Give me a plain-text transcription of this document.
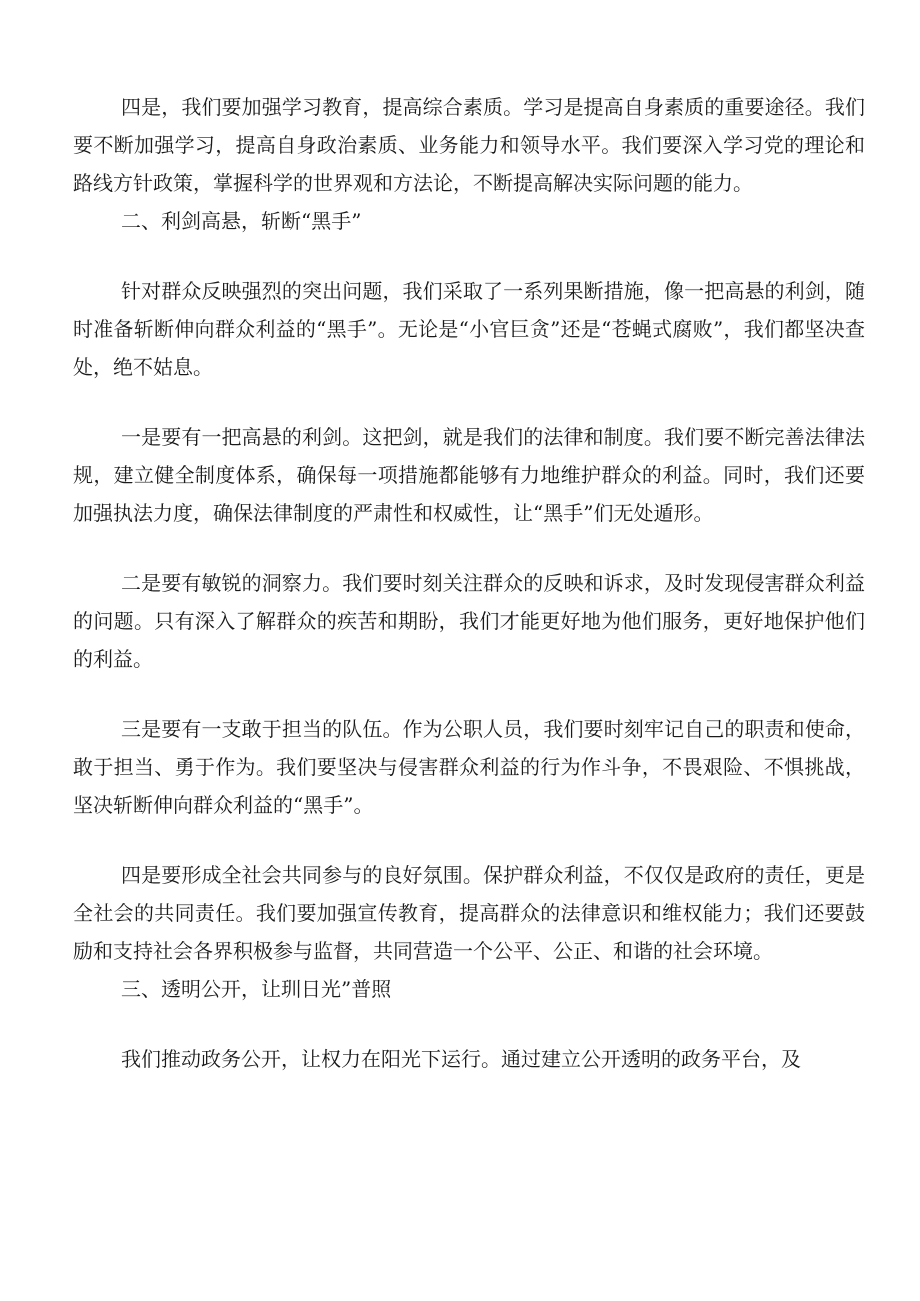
四是，我们要加强学习教育，提高综合素质。学习是提高自身素质的重要途径。我们要不断加强学习，提高自身政治素质、业务能力和领导水平。我们要深入学习党的理论和路线方针政策，掌握科学的世界观和方法论，不断提高解决实际问题的能力。

二、利剑高悬，斩断“黑手”

针对群众反映强烈的突出问题，我们采取了一系列果断措施，像一把高悬的利剑，随时准备斩断伸向群众利益的“黑手”。无论是“小官巨贪”还是“苍蝇式腐败”，我们都坚决查处，绝不姑息。

一是要有一把高悬的利剑。这把剑，就是我们的法律和制度。我们要不断完善法律法规，建立健全制度体系，确保每一项措施都能够有力地维护群众的利益。同时，我们还要加强执法力度，确保法律制度的严肃性和权威性，让“黑手”们无处遁形。

二是要有敏锐的洞察力。我们要时刻关注群众的反映和诉求，及时发现侵害群众利益的问题。只有深入了解群众的疾苦和期盼，我们才能更好地为他们服务，更好地保护他们的利益。

三是要有一支敢于担当的队伍。作为公职人员，我们要时刻牢记自己的职责和使命，敢于担当、勇于作为。我们要坚决与侵害群众利益的行为作斗争，不畏艰险、不惧挑战，坚决斩断伸向群众利益的“黑手”。

四是要形成全社会共同参与的良好氛围。保护群众利益，不仅仅是政府的责任，更是全社会的共同责任。我们要加强宣传教育，提高群众的法律意识和维权能力；我们还要鼓励和支持社会各界积极参与监督，共同营造一个公平、公正、和谐的社会环境。

三、透明公开，让玔日光”普照

我们推动政务公开，让权力在阳光下运行。通过建立公开透明的政务平台，及
